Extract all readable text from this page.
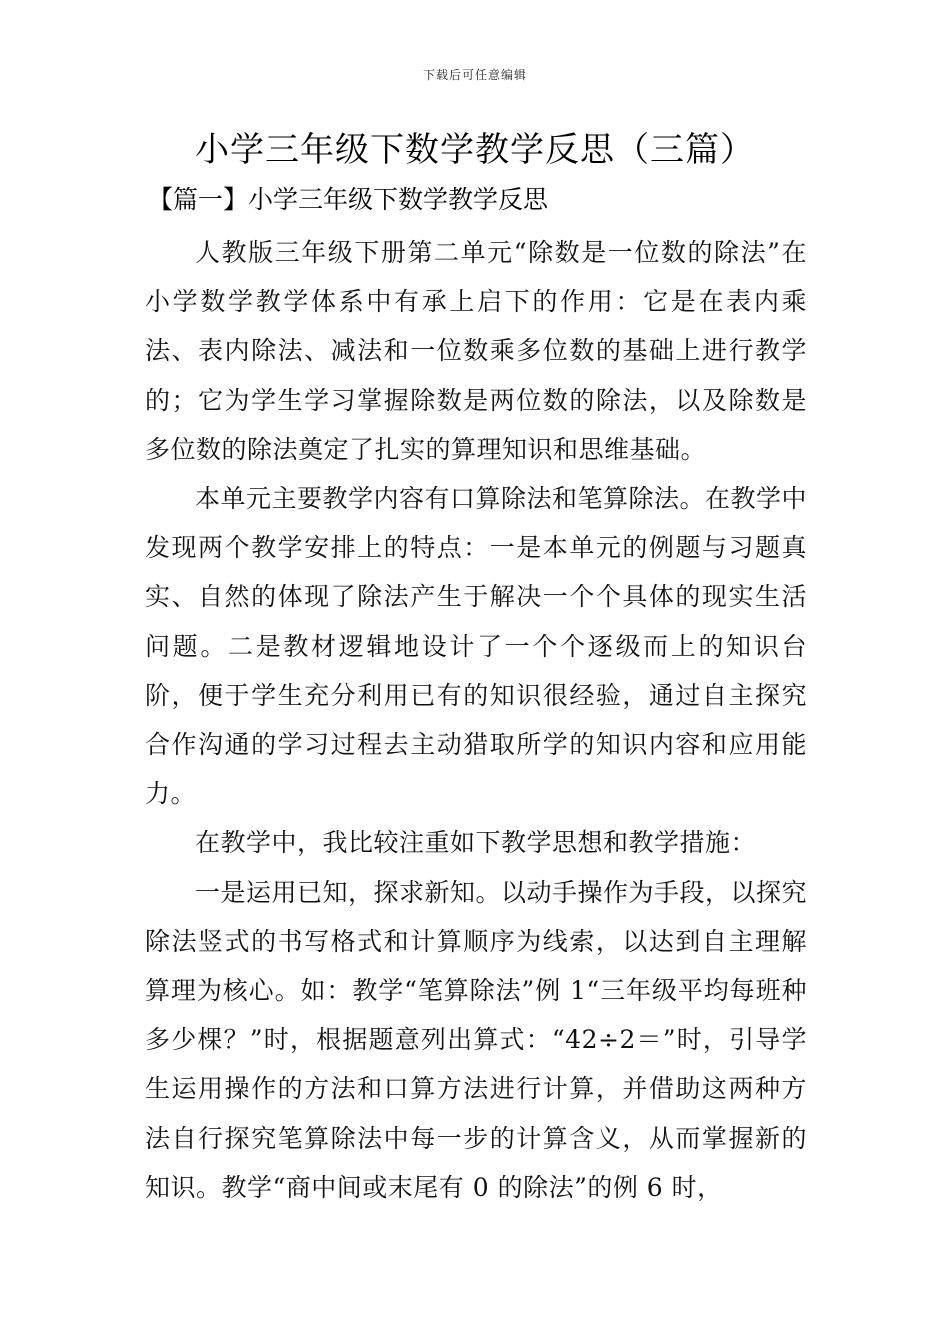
下载后可任意编辑
小学三年级下数学教学反思（三篇）
【篇一】小学三年级下数学教学反思

人教版三年级下册第二单元“除数是一位数的除法”在小学数学教学体系中有承上启下的作用：它是在表内乘法、表内除法、减法和一位数乘多位数的基础上进行教学的；它为学生学习掌握除数是两位数的除法，以及除数是多位数的除法奠定了扎实的算理知识和思维基础。

本单元主要教学内容有口算除法和笔算除法。在教学中发现两个教学安排上的特点：一是本单元的例题与习题真实、自然的体现了除法产生于解决一个个具体的现实生活问题。二是教材逻辑地设计了一个个逐级而上的知识台阶，便于学生充分利用已有的知识很经验，通过自主探究合作沟通的学习过程去主动猎取所学的知识内容和应用能力。

在教学中，我比较注重如下教学思想和教学措施：

一是运用已知，探求新知。以动手操作为手段，以探究除法竖式的书写格式和计算顺序为线索，以达到自主理解算理为核心。如：教学“笔算除法”例 1“三年级平均每班种多少棵？”时，根据题意列出算式：“42÷2＝”时，引导学生运用操作的方法和口算方法进行计算，并借助这两种方法自行探究笔算除法中每一步的计算含义，从而掌握新的知识。教学“商中间或末尾有 0 的除法”的例 6 时，
